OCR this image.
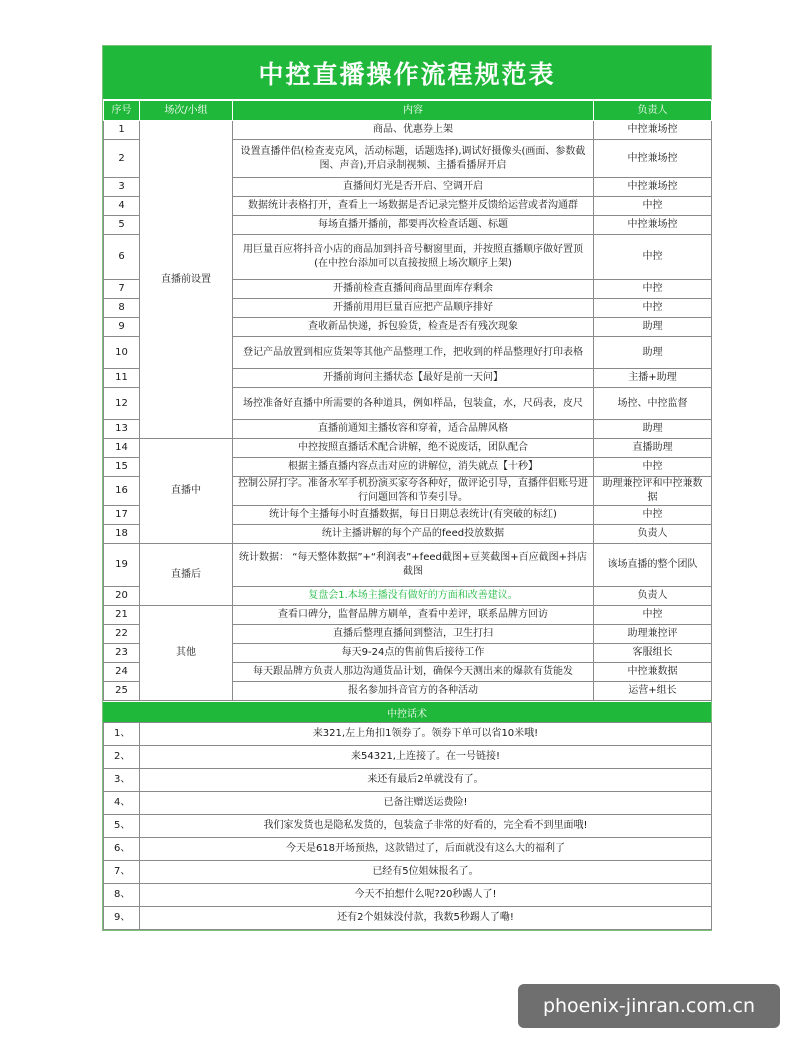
中控直播操作流程规范表
序号	场次/小组	内容	负责人
1	直播前设置	商品、优惠券上架	中控兼场控
2		设置直播伴侣(检查麦克风，活动标题，话题选择),调试好摄像头(画面、参数截图、声音),开启录制视频、主播看播屏开启	中控兼场控
3		直播间灯光是否开启、空调开启	中控兼场控
4		数据统计表格打开，查看上一场数据是否记录完整并反馈给运营或者沟通群	中控
5		每场直播开播前，都要再次检查话题、标题	中控兼场控
6		用巨量百应将抖音小店的商品加到抖音号橱窗里面，并按照直播顺序做好置顶(在中控台添加可以直接按照上场次顺序上架)	中控
7		开播前检查直播间商品里面库存剩余	中控
8		开播前用用巨量百应把产品顺序排好	中控
9		查收新品快递，拆包验货，检查是否有残次现象	助理
10		登记产品放置到相应货架等其他产品整理工作，把收到的样品整理好打印表格	助理
11		开播前询问主播状态【最好是前一天问】	主播+助理
12		场控准备好直播中所需要的各种道具，例如样品，包装盒，水，尺码表，皮尺	场控、中控监督
13		直播前通知主播妆容和穿着，适合品牌风格	助理
14	直播中	中控按照直播话术配合讲解，绝不说废话，团队配合	直播助理
15		根据主播直播内容点击对应的讲解位，消失就点【十秒】	中控
16		控制公屏打字。准备水军手机扮演买家夸各种好，做评论引导，直播伴侣账号进行问题回答和节奏引导。	助理兼控评和中控兼数据
17		统计每个主播每小时直播数据，每日日期总表统计(有突破的标红)	中控
18		统计主播讲解的每个产品的feed投放数据	负责人
19	直播后	统计数据： “每天整体数据”+“利润表”+feed截图+豆荚截图+百应截图+抖店截图	该场直播的整个团队
20		复盘会1.本场主播没有做好的方面和改善建议。	负责人
21	其他	查看口碑分，监督品牌方刷单，查看中差评，联系品牌方回访	中控
22		直播后整理直播间到整洁，卫生打扫	助理兼控评
23		每天9-24点的售前售后接待工作	客服组长
24		每天跟品牌方负责人那边沟通货品计划，确保今天测出来的爆款有货能发	中控兼数据
25		报名参加抖音官方的各种活动	运营+组长
中控话术
1、	来321,左上角扣1领券了。领券下单可以省10米哦!
2、	来54321,上连接了。在一号链接!
3、	来还有最后2单就没有了。
4、	已备注赠送运费险!
5、	我们家发货也是隐私发货的，包装盒子非常的好看的，完全看不到里面哦!
6、	今天是618开场预热，这款错过了，后面就没有这么大的福利了
7、	已经有5位姐妹报名了。
8、	今天不拍想什么呢?20秒踢人了!
9、	还有2个姐妹没付款，我数5秒踢人了嘞!
phoenix-jinran.com.cn
